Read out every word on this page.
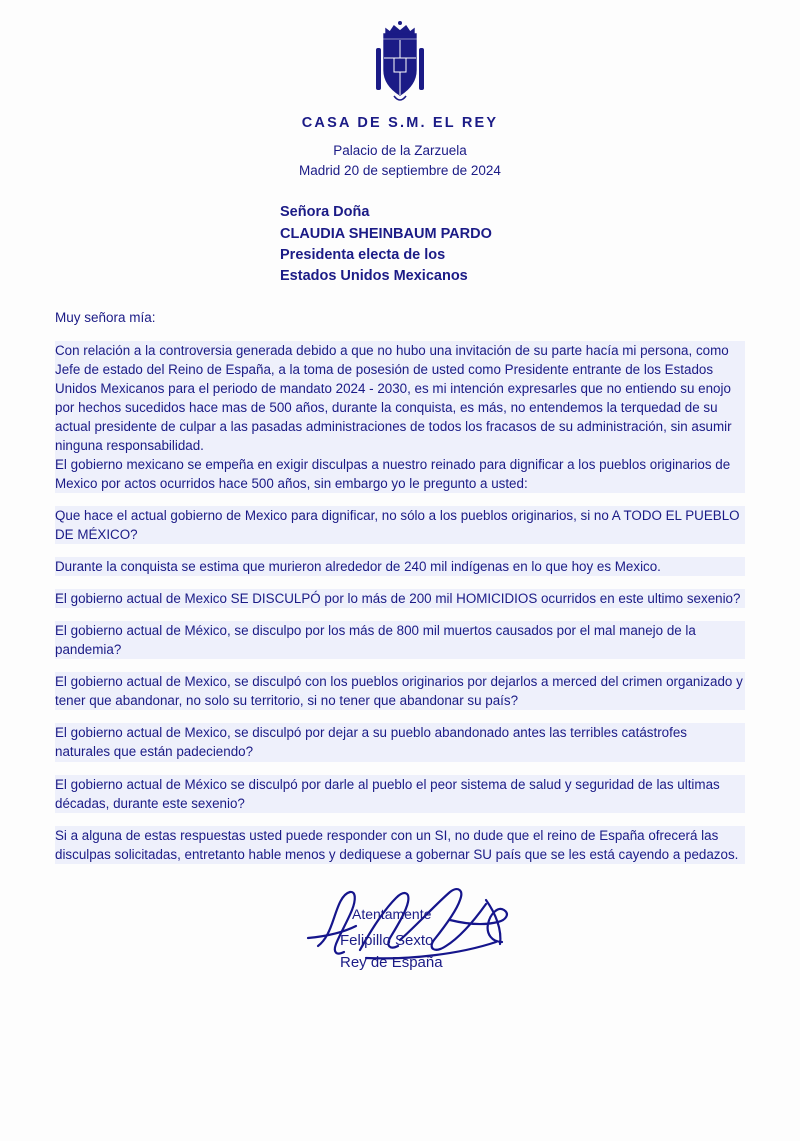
CASA DE S.M. EL REY
Palacio de la Zarzuela
Madrid 20 de septiembre de 2024
Señora Doña
CLAUDIA SHEINBAUM PARDO
Presidenta electa de los
Estados Unidos Mexicanos
Muy señora mía:

Con relación a la controversia generada debido a que no hubo una invitación de su parte hacía mi persona, como Jefe de estado del Reino de España, a la toma de posesión de usted como Presidente entrante de los Estados Unidos Mexicanos para el periodo de mandato 2024 - 2030, es mi intención expresarles que no entiendo su enojo por hechos sucedidos hace mas de 500 años, durante la conquista, es más, no entendemos la terquedad de su actual presidente de culpar a las pasadas administraciones de todos los fracasos de su administración, sin asumir ninguna responsabilidad.

El gobierno mexicano se empeña en exigir disculpas a nuestro reinado para dignificar a los pueblos originarios de Mexico por actos ocurridos hace 500 años, sin embargo yo le pregunto a usted:

Que hace el actual gobierno de Mexico para dignificar, no sólo a los pueblos originarios, si no A TODO EL PUEBLO DE MÉXICO?

Durante la conquista se estima que murieron alrededor de 240 mil indígenas en lo que hoy es Mexico.

El gobierno actual de Mexico SE DISCULPÓ por lo más de 200 mil HOMICIDIOS ocurridos en este ultimo sexenio?

El gobierno actual de México, se disculpo por los más de 800 mil muertos causados por el mal manejo de la pandemia?

El gobierno actual de Mexico, se disculpó con los pueblos originarios por dejarlos a merced del crimen organizado y tener que abandonar, no solo su territorio, si no tener que abandonar su país?

El gobierno actual de Mexico, se disculpó por dejar a su pueblo abandonado antes las terribles catástrofes naturales que están padeciendo?

El gobierno actual de México se disculpó por darle al pueblo el peor sistema de salud y seguridad de las ultimas décadas, durante este sexenio?

Si a alguna de estas respuestas usted puede responder con un SI, no dude que el reino de España ofrecerá las disculpas solicitadas, entretanto hable menos y dediquese a gobernar SU país que se les está cayendo a pedazos.

Atentamente
Felipillo Sexto
Rey de España
